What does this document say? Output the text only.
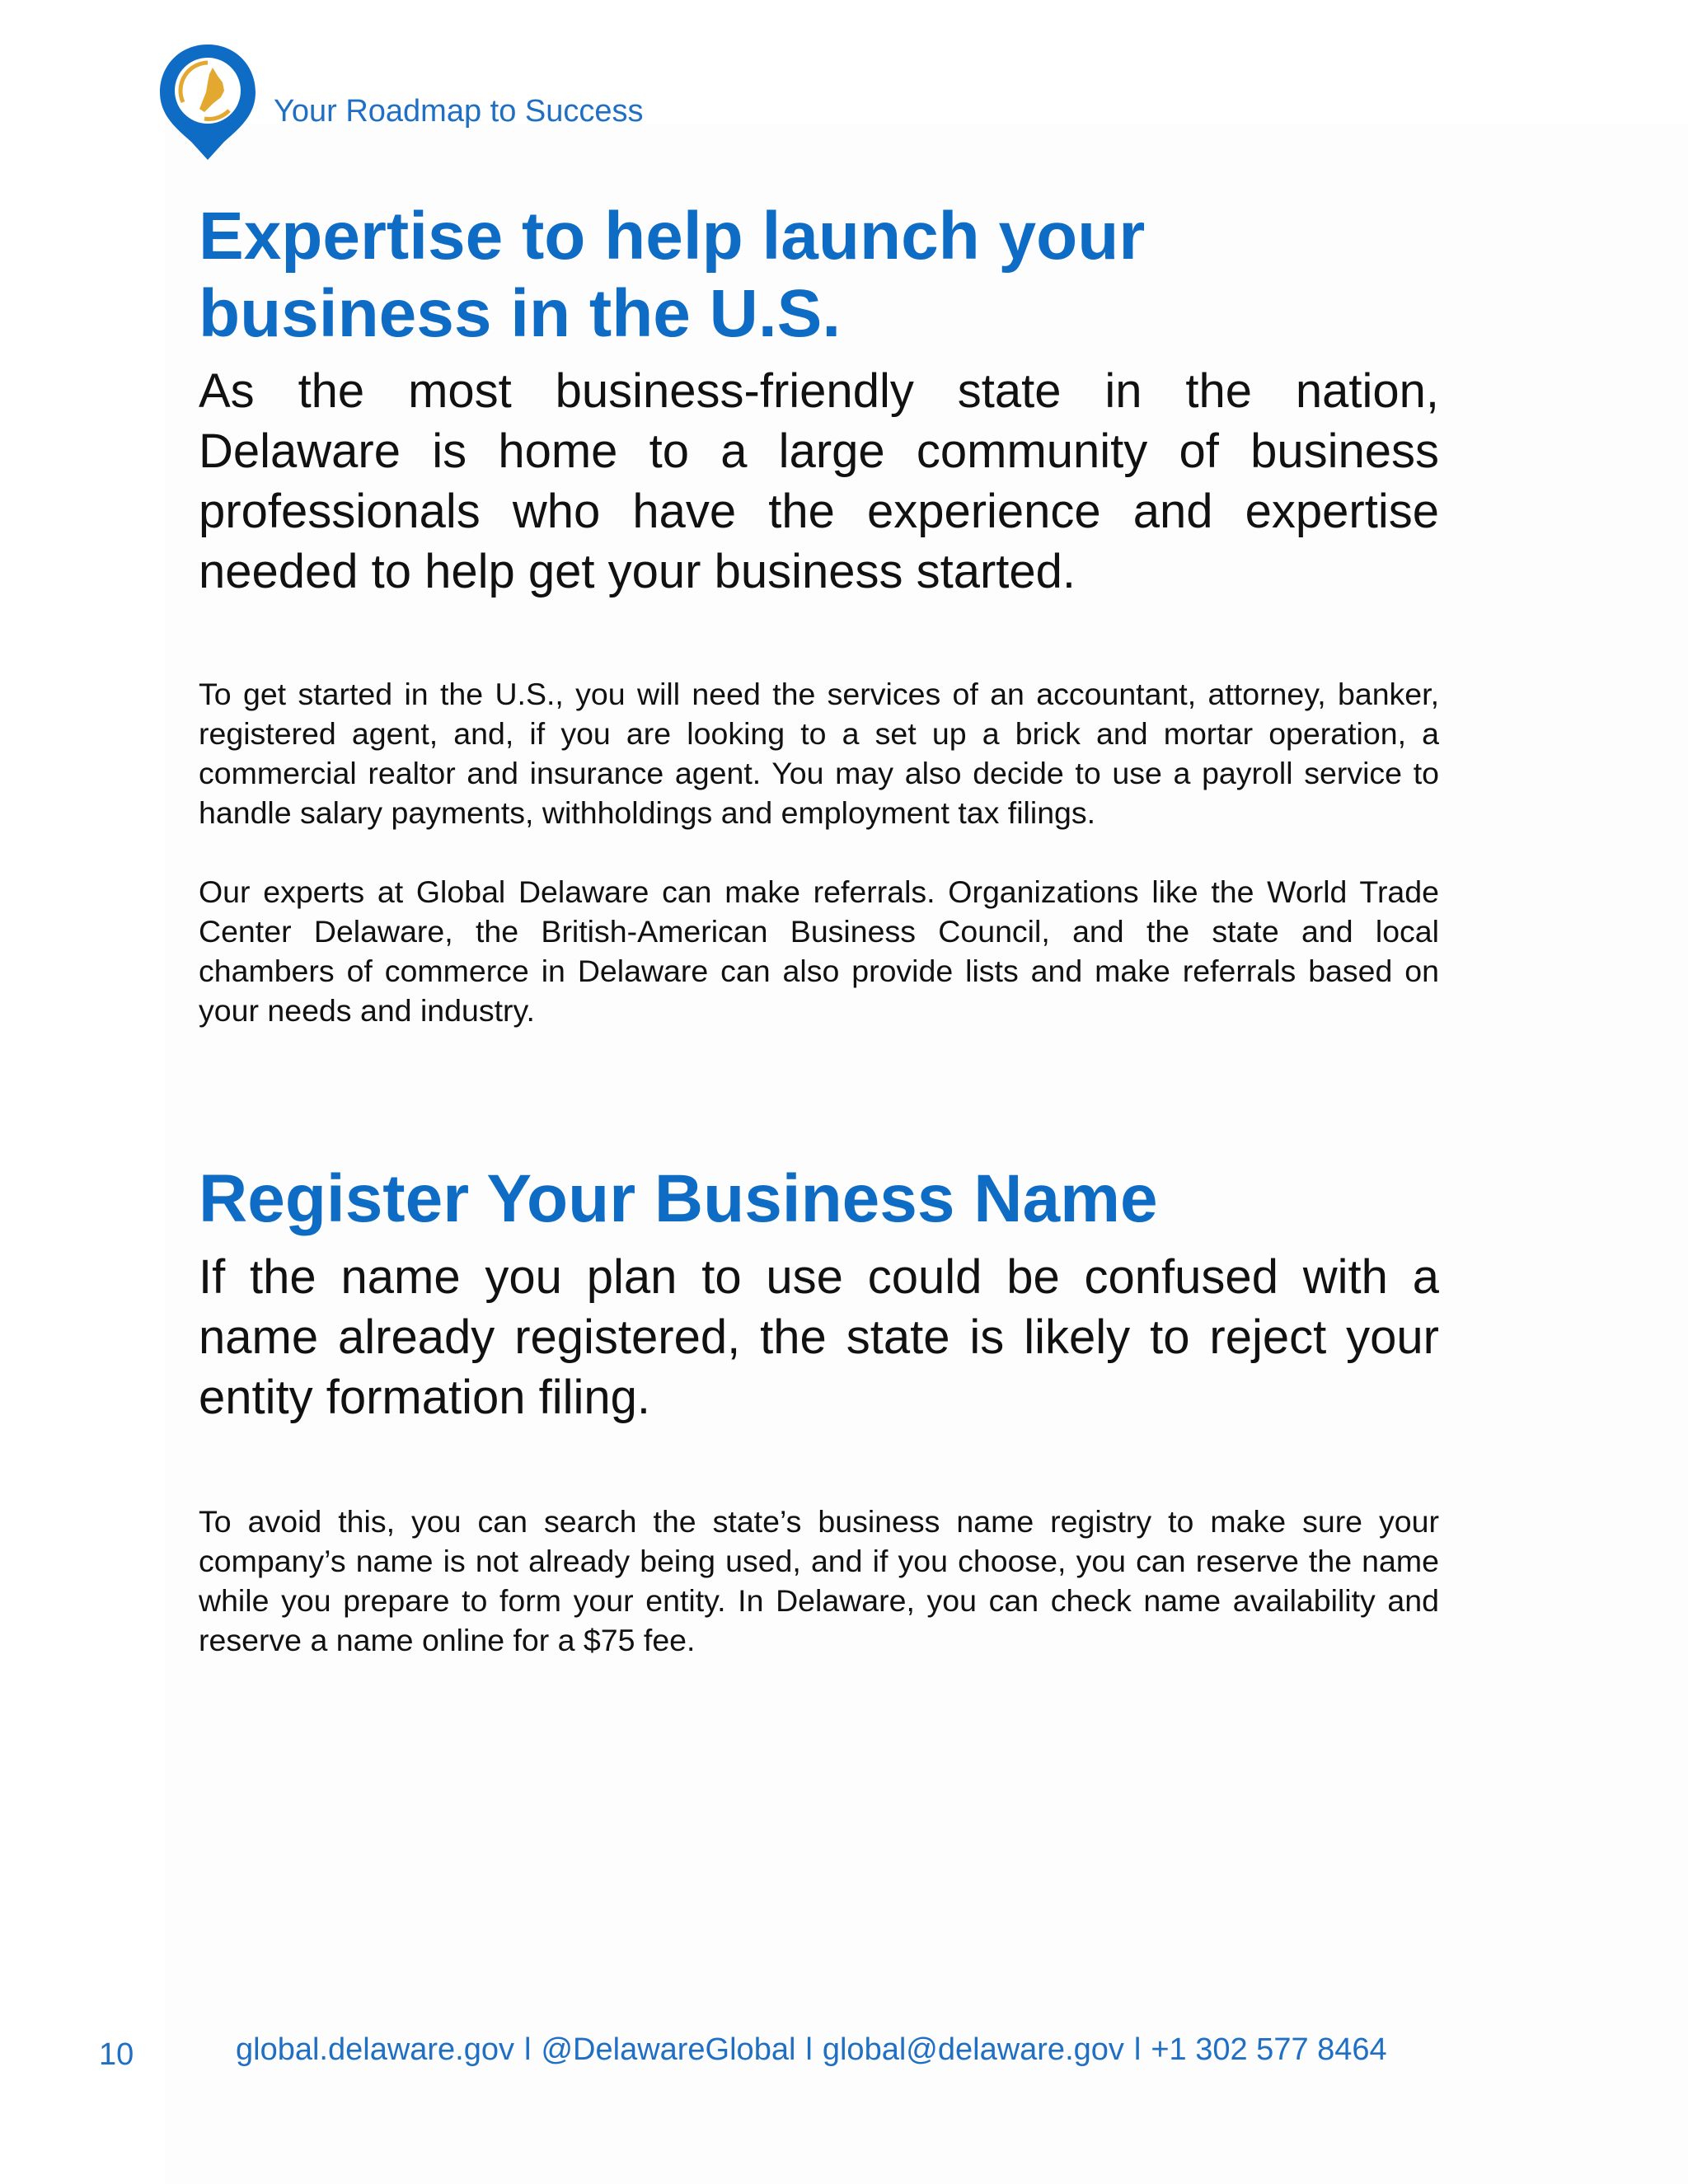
Your Roadmap to Success
Expertise to help launch your
business in the U.S.

As the most business-friendly state in the nation, Delaware is home to a large community of business professionals who have the experience and expertise needed to help get your business started.

To get started in the U.S., you will need the services of an accountant, attorney, banker, registered agent, and, if you are looking to a set up a brick and mortar operation, a commercial realtor and insurance agent. You may also decide to use a payroll service to handle salary payments, withholdings and employment tax filings.

Our experts at Global Delaware can make referrals. Organizations like the World Trade Center Delaware, the British-American Business Council, and the state and local chambers of commerce in Delaware can also provide lists and make referrals based on your needs and industry.

Register Your Business Name

If the name you plan to use could be confused with a name already registered, the state is likely to reject your entity formation filing.

To avoid this, you can search the state’s business name registry to make sure your company’s name is not already being used, and if you choose, you can reserve the name while you prepare to form your entity. In Delaware, you can check name availability and reserve a name online for a $75 fee.

10	global.delaware.gov l @DelawareGlobal l global@delaware.gov l +1 302 577 8464
